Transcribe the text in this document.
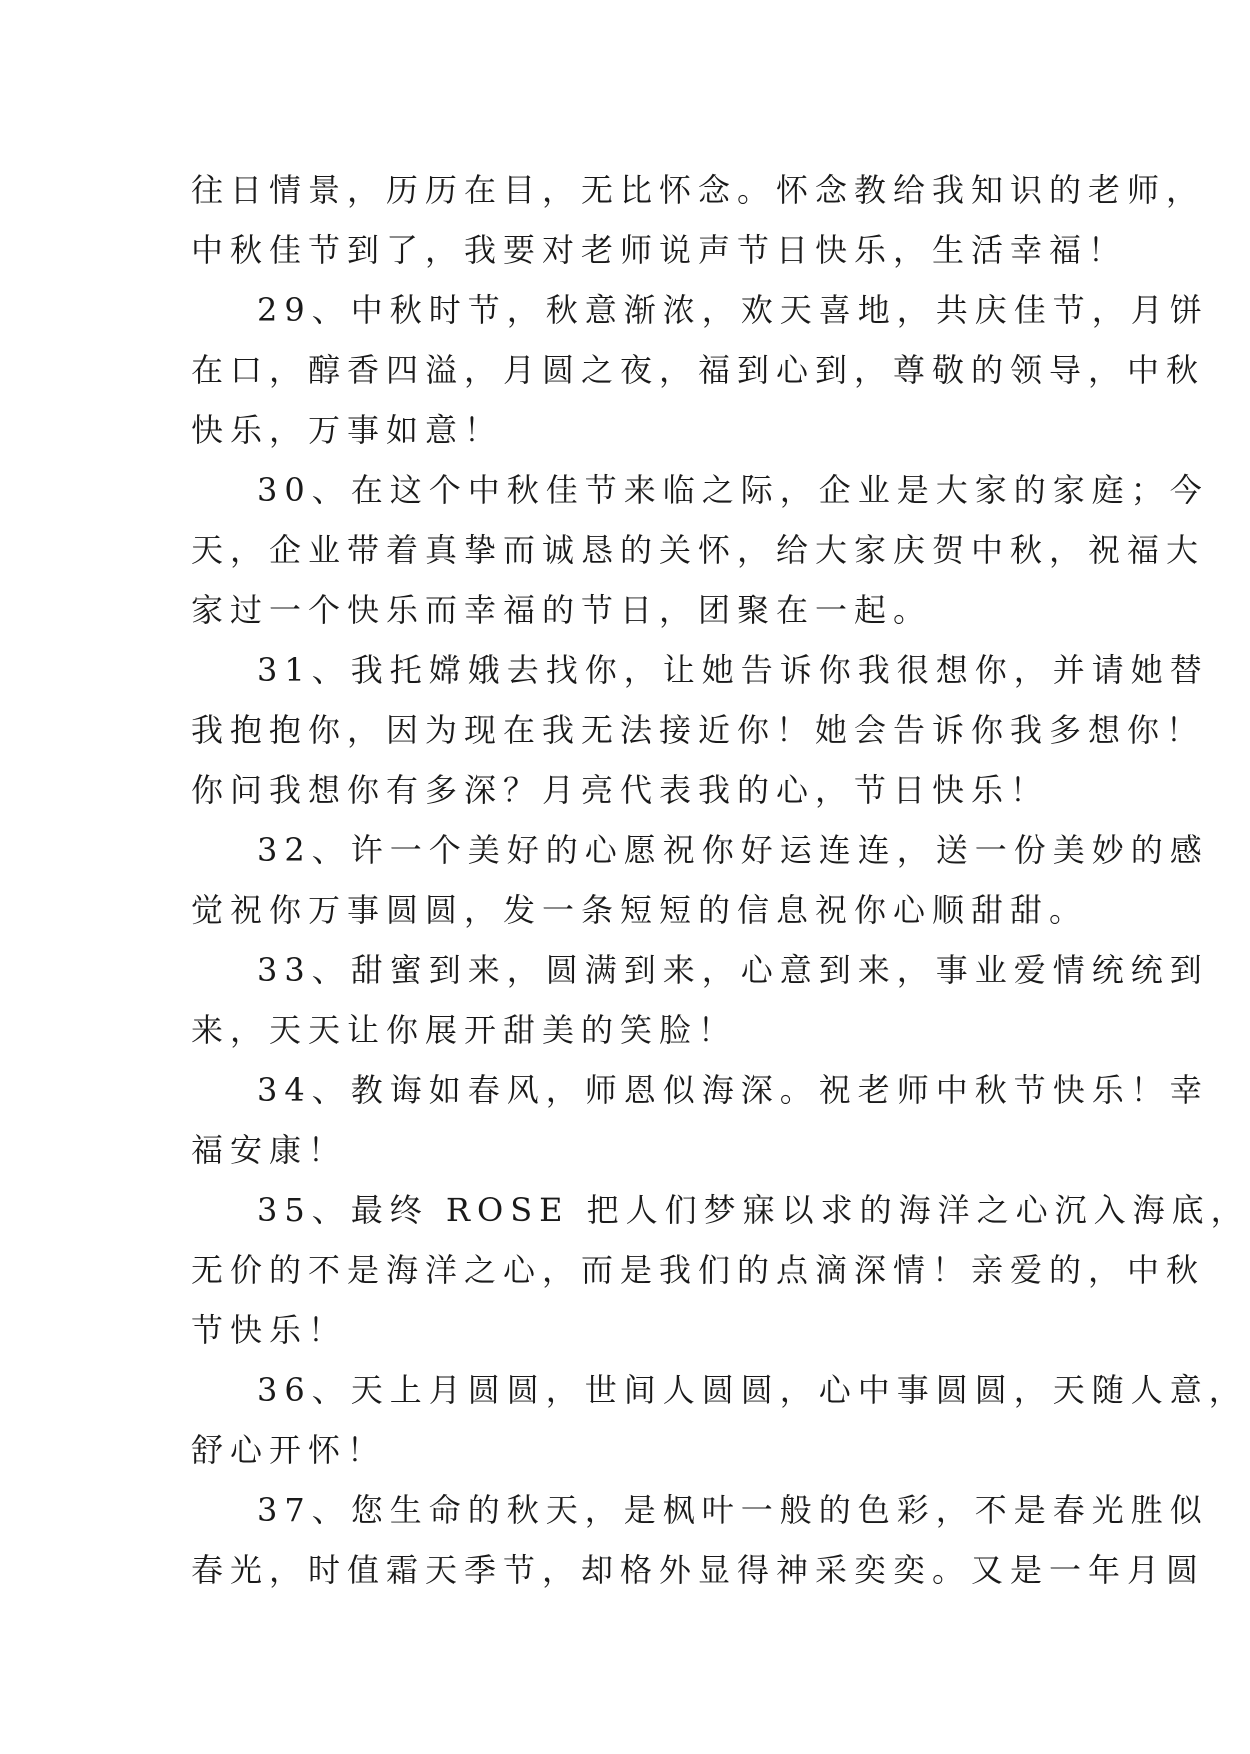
往日情景，历历在目，无比怀念。怀念教给我知识的老师，
中秋佳节到了，我要对老师说声节日快乐，生活幸福！
29、中秋时节，秋意渐浓，欢天喜地，共庆佳节，月饼
在口，醇香四溢，月圆之夜，福到心到，尊敬的领导，中秋
快乐，万事如意！
30、在这个中秋佳节来临之际，企业是大家的家庭；今
天，企业带着真挚而诚恳的关怀，给大家庆贺中秋，祝福大
家过一个快乐而幸福的节日，团聚在一起。
31、我托嫦娥去找你，让她告诉你我很想你，并请她替
我抱抱你，因为现在我无法接近你！她会告诉你我多想你！
你问我想你有多深？月亮代表我的心，节日快乐！
32、许一个美好的心愿祝你好运连连，送一份美妙的感
觉祝你万事圆圆，发一条短短的信息祝你心顺甜甜。
33、甜蜜到来，圆满到来，心意到来，事业爱情统统到
来，天天让你展开甜美的笑脸！
34、教诲如春风，师恩似海深。祝老师中秋节快乐！幸
福安康！
35、最终 ROSE 把人们梦寐以求的海洋之心沉入海底，
无价的不是海洋之心，而是我们的点滴深情！亲爱的，中秋
节快乐！
36、天上月圆圆，世间人圆圆，心中事圆圆，天随人意，
舒心开怀！
37、您生命的秋天，是枫叶一般的色彩，不是春光胜似
春光，时值霜天季节，却格外显得神采奕奕。又是一年月圆
